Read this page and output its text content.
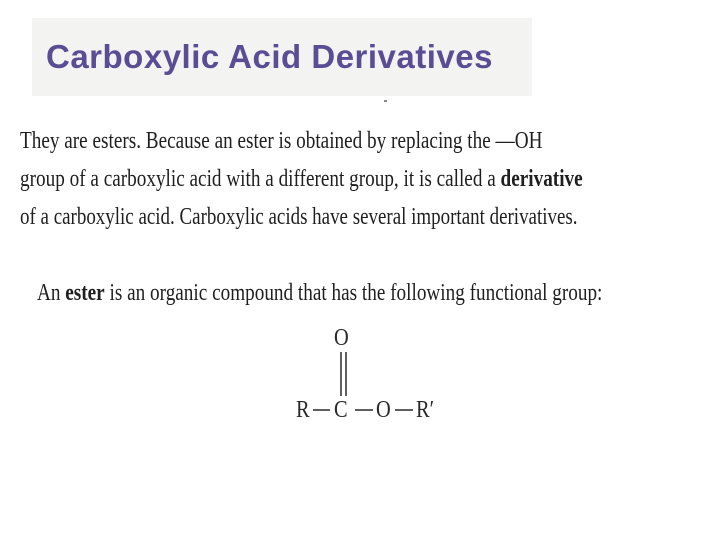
Carboxylic Acid Derivatives
They are esters. Because an ester is obtained by replacing the —OH
group of a carboxylic acid with a different group, it is called a derivative
of a carboxylic acid. Carboxylic acids have several important derivatives.
An ester is an organic compound that has the following functional group:
O
R C O R′
